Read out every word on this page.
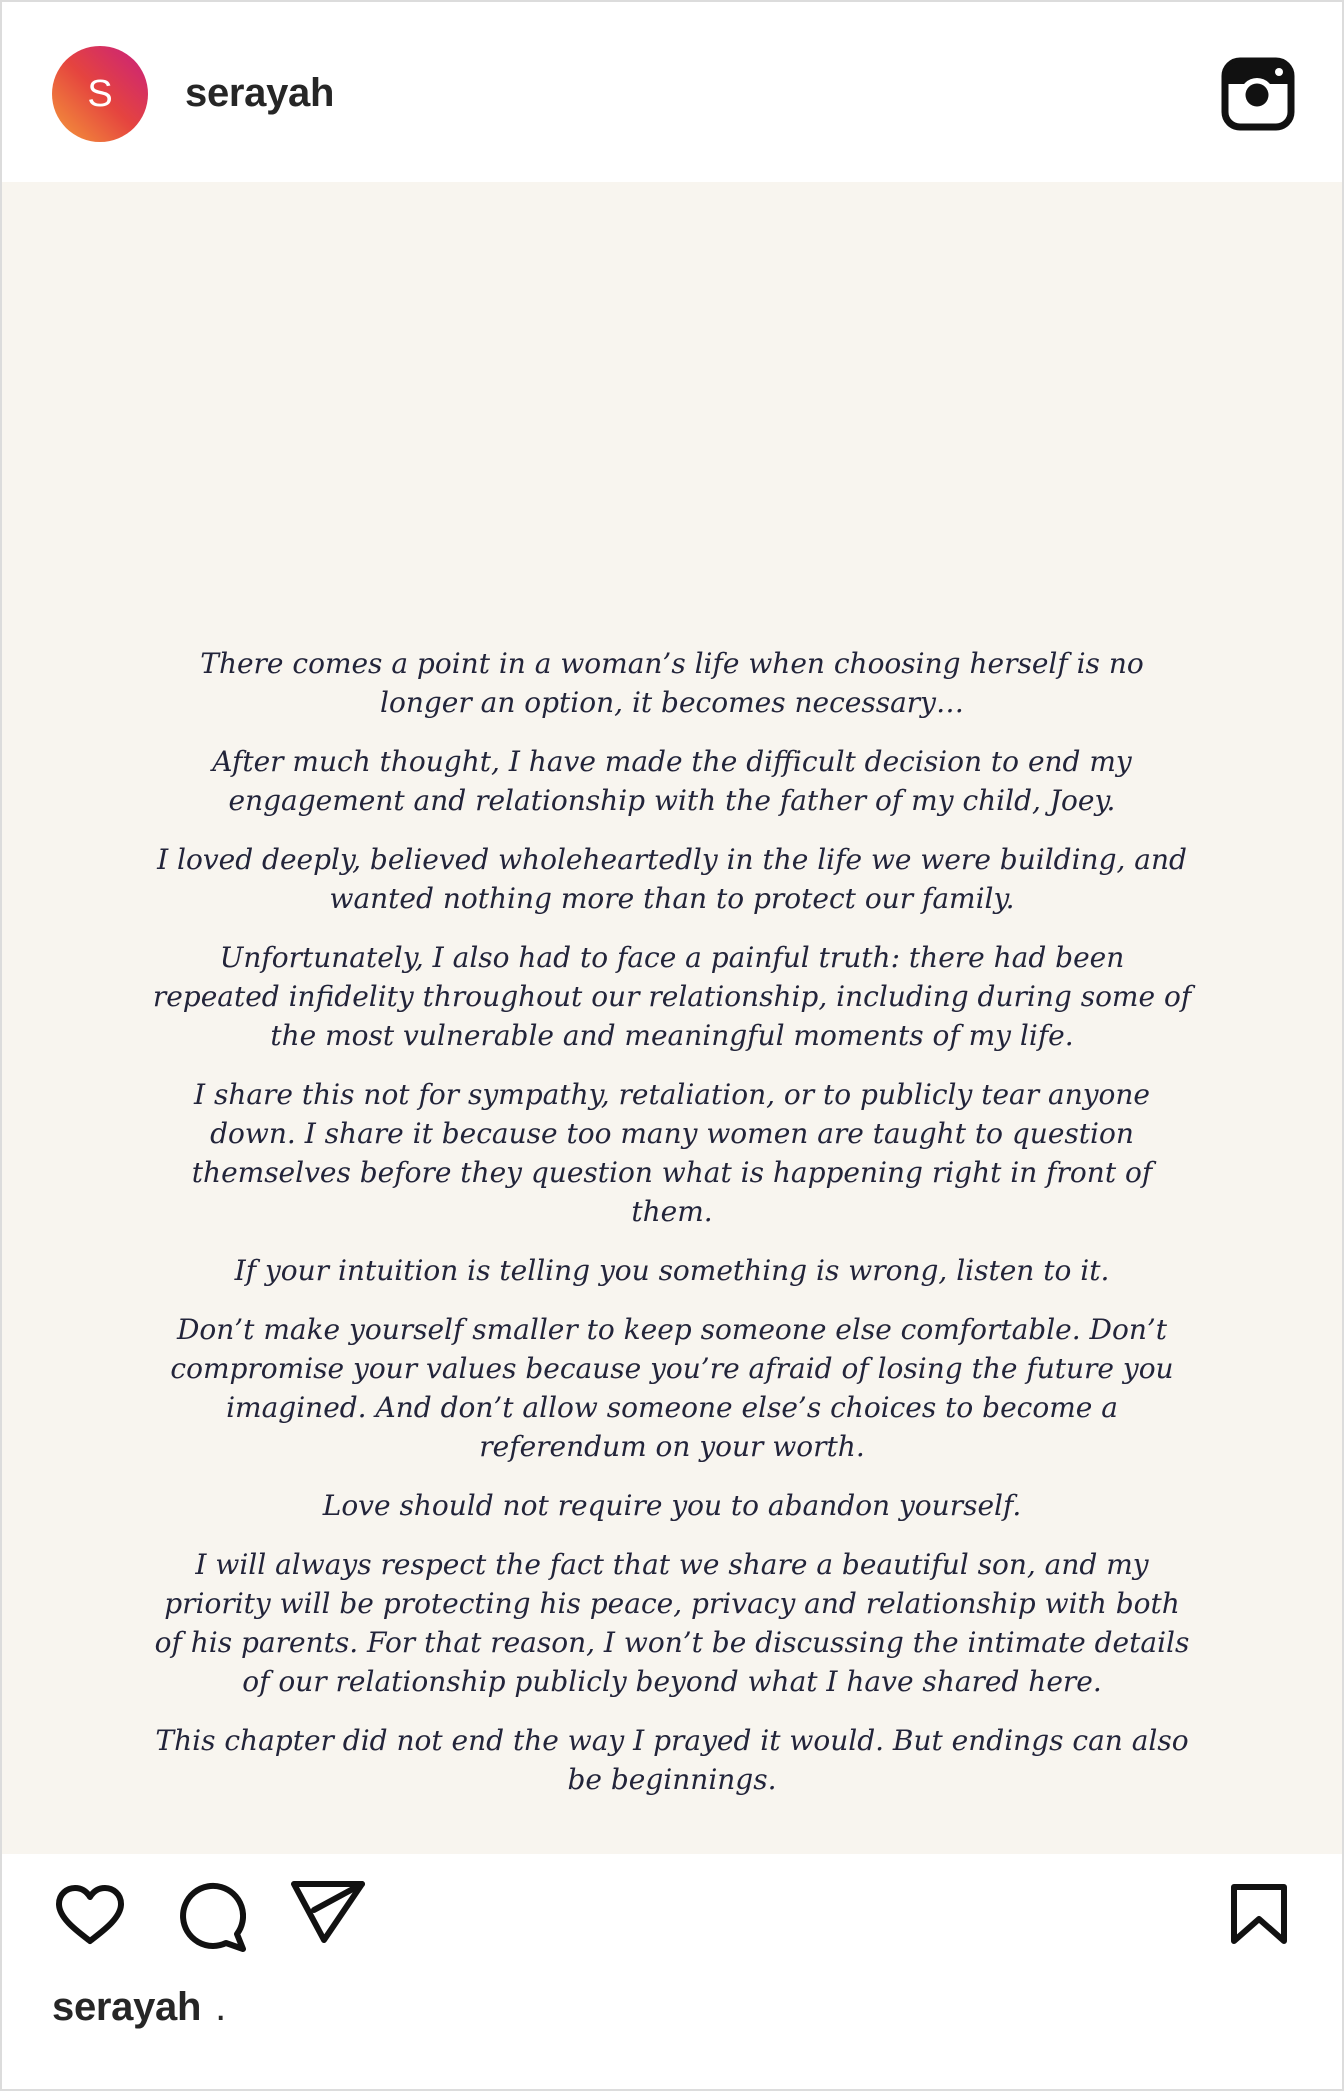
S serayah

There comes a point in a woman’s life when choosing herself is no longer an option, it becomes necessary…

After much thought, I have made the difficult decision to end my engagement and relationship with the father of my child, Joey.

I loved deeply, believed wholeheartedly in the life we were building, and wanted nothing more than to protect our family.

Unfortunately, I also had to face a painful truth: there had been repeated infidelity throughout our relationship, including during some of the most vulnerable and meaningful moments of my life.

I share this not for sympathy, retaliation, or to publicly tear anyone down. I share it because too many women are taught to question themselves before they question what is happening right in front of them.

If your intuition is telling you something is wrong, listen to it.

Don’t make yourself smaller to keep someone else comfortable. Don’t compromise your values because you’re afraid of losing the future you imagined. And don’t allow someone else’s choices to become a referendum on your worth.

Love should not require you to abandon yourself.

I will always respect the fact that we share a beautiful son, and my priority will be protecting his peace, privacy and relationship with both of his parents. For that reason, I won’t be discussing the intimate details of our relationship publicly beyond what I have shared here.

This chapter did not end the way I prayed it would. But endings can also be beginnings.

serayah .
